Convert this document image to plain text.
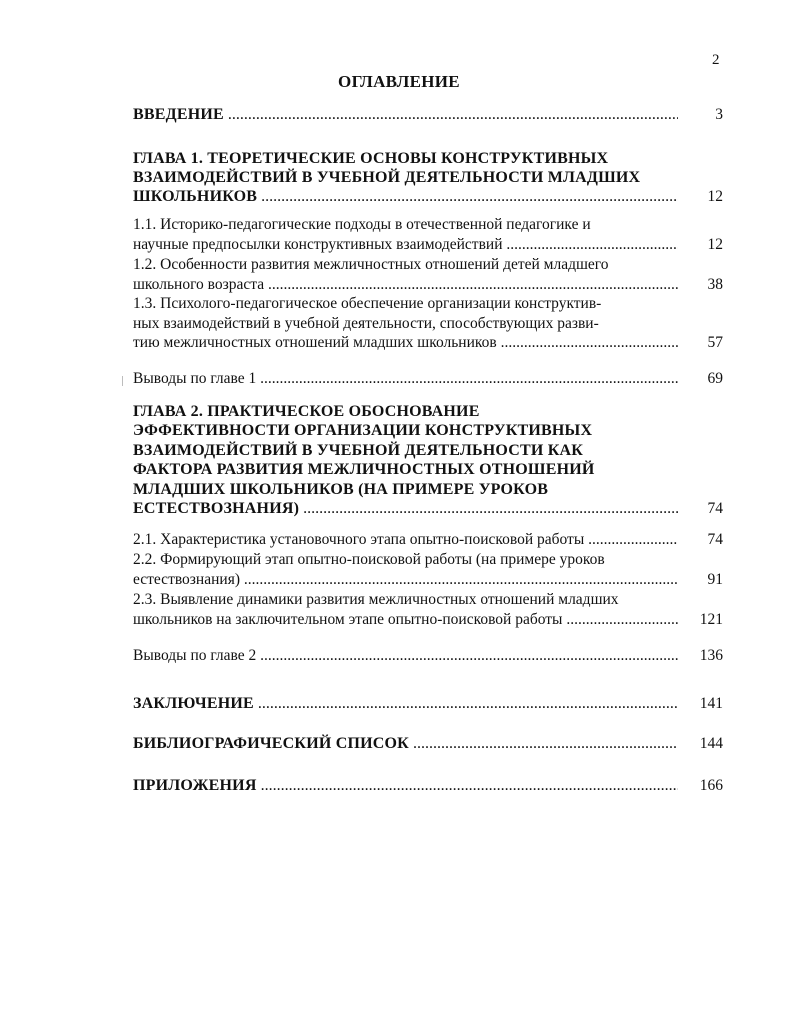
2
ОГЛАВЛЕНИЕ
ВВЕДЕНИЕ .....	3
ГЛАВА 1. ТЕОРЕТИЧЕСКИЕ ОСНОВЫ КОНСТРУКТИВНЫХ
ВЗАИМОДЕЙСТВИЙ В УЧЕБНОЙ ДЕЯТЕЛЬНОСТИ МЛАДШИХ
ШКОЛЬНИКОВ .....	12
1.1. Историко-педагогические подходы в отечественной педагогике и
научные предпосылки конструктивных взаимодействий .....	12
1.2. Особенности развития межличностных отношений детей младшего
школьного возраста .....	38
1.3. Психолого-педагогическое обеспечение организации конструктив-
ных взаимодействий в учебной деятельности, способствующих разви-
тию межличностных отношений младших школьников .....	57
Выводы по главе 1 .....	69
ГЛАВА 2. ПРАКТИЧЕСКОЕ ОБОСНОВАНИЕ
ЭФФЕКТИВНОСТИ ОРГАНИЗАЦИИ КОНСТРУКТИВНЫХ
ВЗАИМОДЕЙСТВИЙ В УЧЕБНОЙ ДЕЯТЕЛЬНОСТИ КАК
ФАКТОРА РАЗВИТИЯ МЕЖЛИЧНОСТНЫХ ОТНОШЕНИЙ
МЛАДШИХ ШКОЛЬНИКОВ (НА ПРИМЕРЕ УРОКОВ
ЕСТЕСТВОЗНАНИЯ) .....	74
2.1. Характеристика установочного этапа опытно-поисковой работы .....	74
2.2. Формирующий этап опытно-поисковой работы (на примере уроков
естествознания) .....	91
2.3. Выявление динамики развития межличностных отношений младших
школьников на заключительном этапе опытно-поисковой работы .....	121
Выводы по главе 2 .....	136
ЗАКЛЮЧЕНИЕ .....	141
БИБЛИОГРАФИЧЕСКИЙ СПИСОК .....	144
ПРИЛОЖЕНИЯ .....	166
